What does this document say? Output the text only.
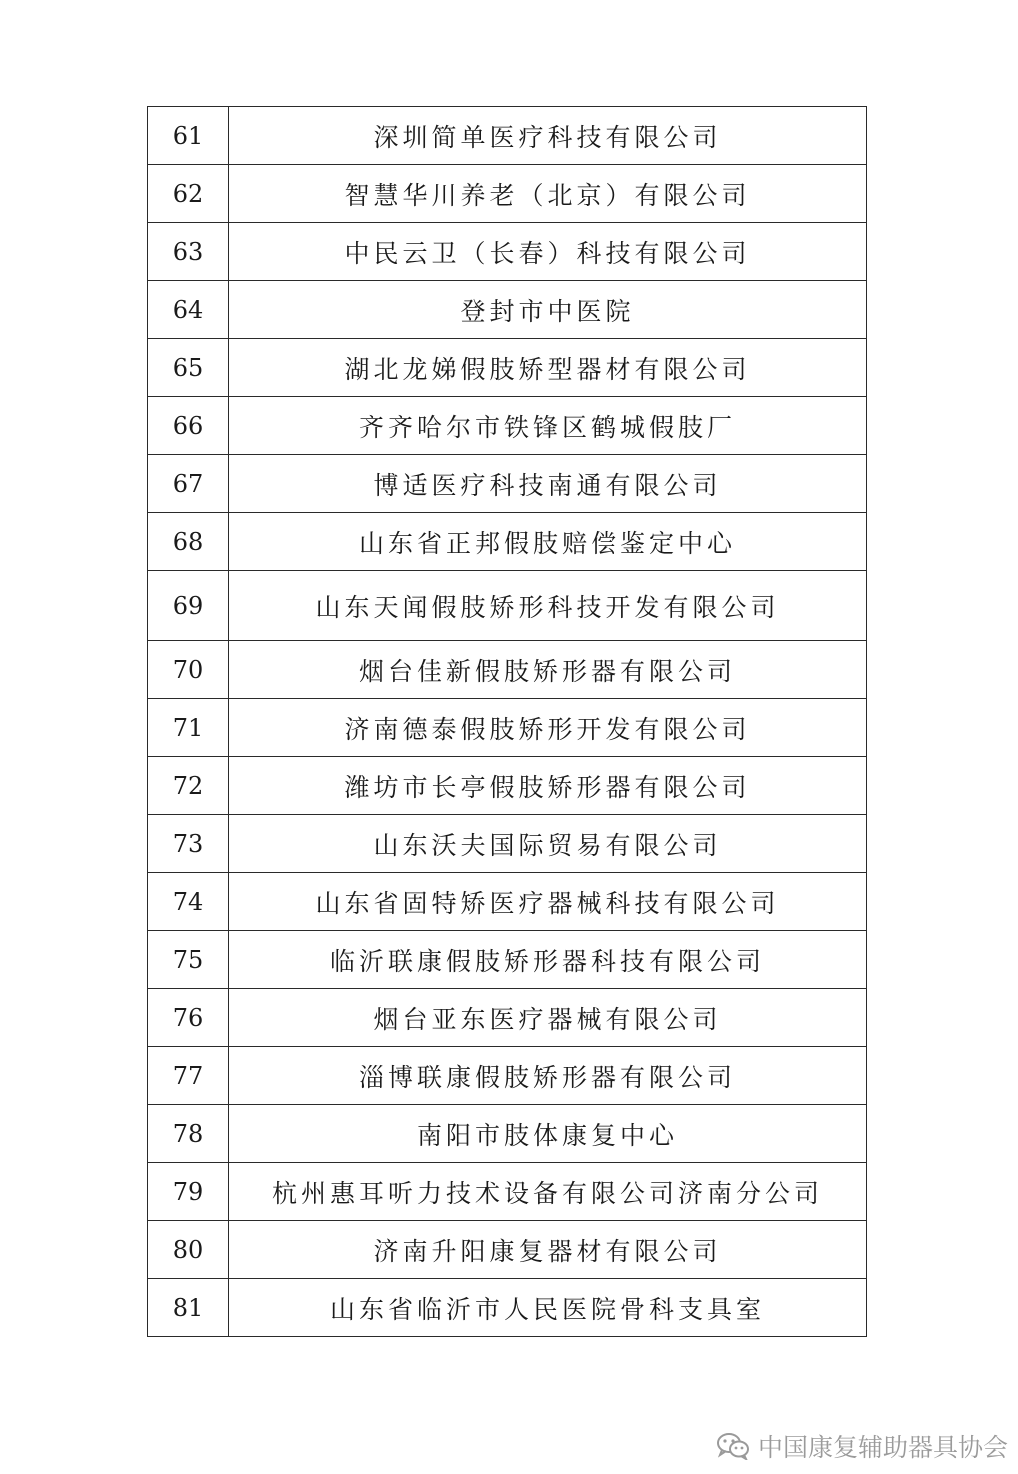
61	深圳简单医疗科技有限公司
62	智慧华川养老（北京）有限公司
63	中民云卫（长春）科技有限公司
64	登封市中医院
65	湖北龙娣假肢矫型器材有限公司
66	齐齐哈尔市铁锋区鹤城假肢厂
67	博适医疗科技南通有限公司
68	山东省正邦假肢赔偿鉴定中心
69	山东天闻假肢矫形科技开发有限公司
70	烟台佳新假肢矫形器有限公司
71	济南德泰假肢矫形开发有限公司
72	潍坊市长亭假肢矫形器有限公司
73	山东沃夫国际贸易有限公司
74	山东省固特矫医疗器械科技有限公司
75	临沂联康假肢矫形器科技有限公司
76	烟台亚东医疗器械有限公司
77	淄博联康假肢矫形器有限公司
78	南阳市肢体康复中心
79	杭州惠耳听力技术设备有限公司济南分公司
80	济南升阳康复器材有限公司
81	山东省临沂市人民医院骨科支具室
中国康复辅助器具协会
